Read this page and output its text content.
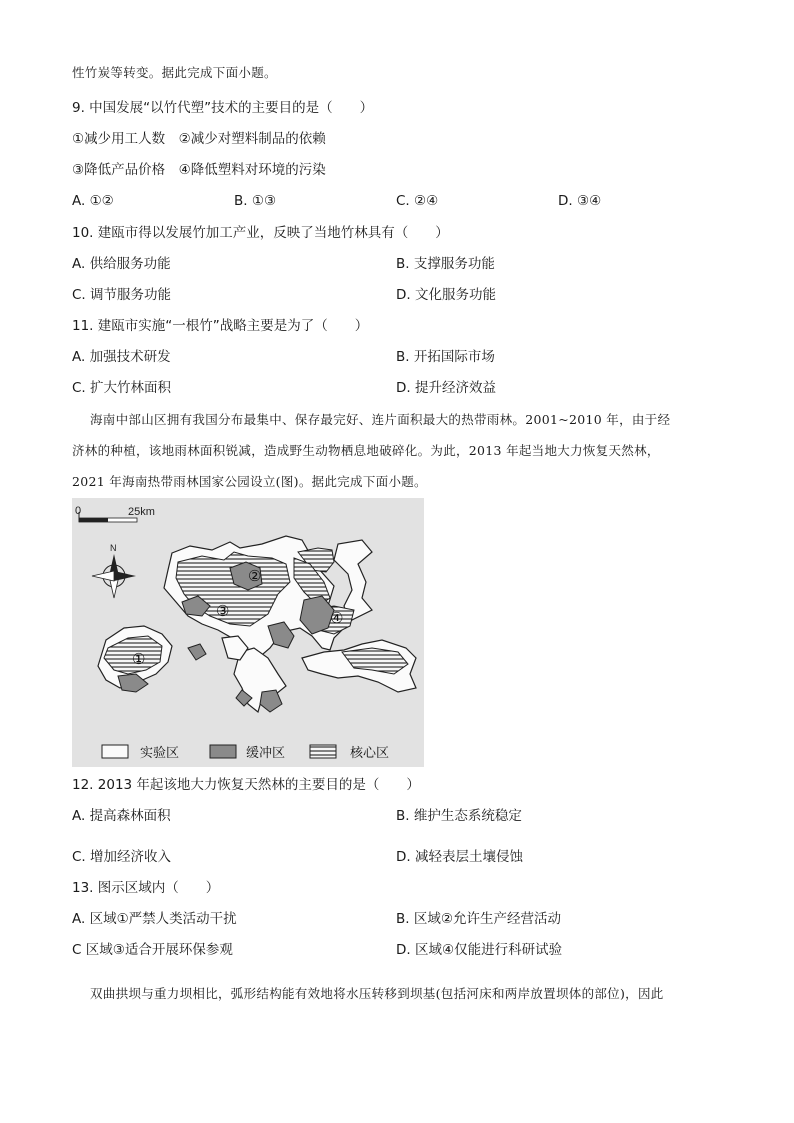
性竹炭等转变。据此完成下面小题。
9. 中国发展“以竹代塑”技术的主要目的是（　　）
①减少用工人数　②减少对塑料制品的依赖
③降低产品价格　④降低塑料对环境的污染
A. ①②	B. ①③	C. ②④	D. ③④
10. 建瓯市得以发展竹加工产业，反映了当地竹林具有（　　）
A. 供给服务功能	B. 支撑服务功能
C. 调节服务功能	D. 文化服务功能
11. 建瓯市实施“一根竹”战略主要是为了（　　）
A. 加强技术研发	B. 开拓国际市场
C. 扩大竹林面积	D. 提升经济效益
海南中部山区拥有我国分布最集中、保存最完好、连片面积最大的热带雨林。2001~2010 年，由于经
济林的种植，该地雨林面积锐减，造成野生动物栖息地破碎化。为此，2013 年起当地大力恢复天然林，
2021 年海南热带雨林国家公园设立(图)。据此完成下面小题。
0	25km
N
②
③	④
①
实验区	缓冲区	核心区
12. 2013 年起该地大力恢复天然林的主要目的是（　　）
A. 提高森林面积	B. 维护生态系统稳定
C. 增加经济收入	D. 减轻表层土壤侵蚀
13. 图示区域内（　　）
A. 区域①严禁人类活动干扰	B. 区域②允许生产经营活动
C 区域③适合开展环保参观	D. 区域④仅能进行科研试验
双曲拱坝与重力坝相比，弧形结构能有效地将水压转移到坝基(包括河床和两岸放置坝体的部位)，因此
